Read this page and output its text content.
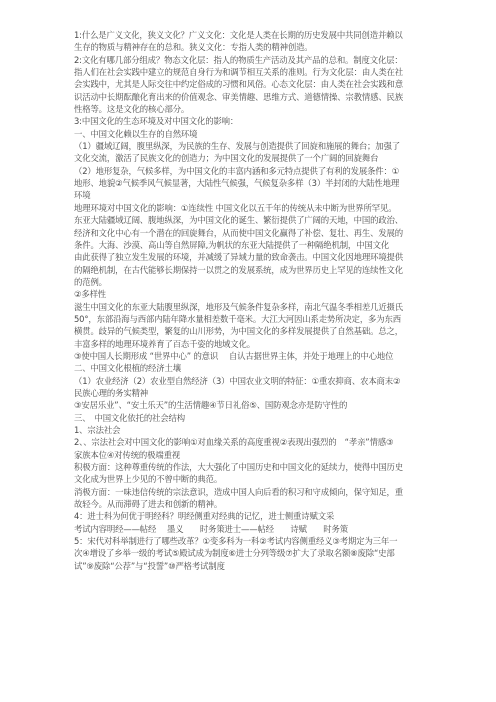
1:什么是广义文化，狭义文化？广义文化：文化是人类在长期的历史发展中共同创造并赖以
生存的物质与精神存在的总和。狭义文化：专指人类的精神创造。
2:文化有哪几部分组成？物态文化层：指人的物质生产活动及其产品的总和。制度文化层：
指人们在社会实践中建立的规范自身行为和调节相互关系的准则。行为文化层：由人类在社
会实践中，尤其是人际交往中约定俗成的习惯和风俗。心态文化层：由人类在社会实践和意
识活动中长期酝酿化育出来的价值观念、审美情趣、思维方式、道德情操、宗教情感、民族
性格等。这是文化的核心部分。
3:中国文化的生态环境及对中国文化的影响：
一、中国文化赖以生存的自然环境
（1）疆域辽阔，腹里纵深，为民族的生存、发展与创造提供了回旋和施展的舞台；加强了
文化交流，激活了民族文化的创造力；为中国文化的发展提供了一个广阔的回旋舞台
（2）地形复杂，气候多样，为中国文化的丰富内涵和多元特点提供了有利的发展条件：①
地形、地貌②气候季风气候显著，大陆性气候强，气候复杂多样（3）半封闭的大陆性地理
环境
地理环境对中国文化的影响：①连续性 中国文化以五千年的传统从未中断为世界所罕见。
东亚大陆疆域辽阔、腹地纵深，为中国文化的诞生、繁衍提供了广阔的天地，中国的政治、
经济和文化中心有一个潜在的回旋舞台，从而使中国文化赢得了补偿、复壮、再生、发展的
条件。大海、沙漠、高山等自然屏障,为帆状的东亚大陆提供了一种隔绝机制，中国文化
由此获得了独立发生发展的环境，并减缓了异域力量的致命袭击。中国文化因地理环境提供
的隔绝机制，在古代能够长期保持一以贯之的发展系统，成为世界历史上罕见的连续性文化
的范例。
②多样性
滋生中国文化的东亚大陆腹里纵深，地形及气候条件复杂多样，南北气温冬季相差几近摄氏
50°，东部沿海与西部内陆年降水量相差数千毫米。大江大河因山系走势所决定，多为东西
横贯。歧异的气候类型，繁复的山川形势，为中国文化的多样发展提供了自然基础。总之，
丰富多样的地理环境养育了百态千姿的地域文化。
③使中国人长期形成 “世界中心” 的意识　 自认古据世界主体，并处于地理上的中心地位
二、中国文化根植的经济土壤
（1）农业经济（2）农业型自然经济（3）中国农业文明的特征：①重农抑商、农本商末②
民族心理的务实精神
③安居乐业”、“安土乐天”的生活情趣④节日礼俗⑤、国防观念亦是防守性的
三、　中国文化依托的社会结构
1、宗法社会
2、、宗法社会对中国文化的影响①对血缘关系的高度重视②表现出强烈的　“孝亲”情感③
家族本位④对传统的极端重视
积极方面：这种尊重传统的作法，大大强化了中国历史和中国文化的延续力，使得中国历史
文化成为世界上少见的不曾中断的典范。
消极方面：一味违信传统的宗法意识，造成中国人向后看的积习和守成倾向，保守知足，重
故轻今。从而滞碍了进去和创新的精神。
4：进士科为何优于明经科？明经侧重对经典的记忆，进士侧重诗赋文采
考试内容明经——帖经　 墨义　　时务策进士——帖经　　诗赋　　时务策
5：宋代对科举制进行了哪些改革？①变多科为一科②考试内容侧重经义③考期定为三年一
次④增设了乡举一级的考试⑤殿试成为制度⑥进士分列等级⑦扩大了录取名额⑧废除“史部
试”⑨废除“公荐”与“投誓”⑩严格考试制度
